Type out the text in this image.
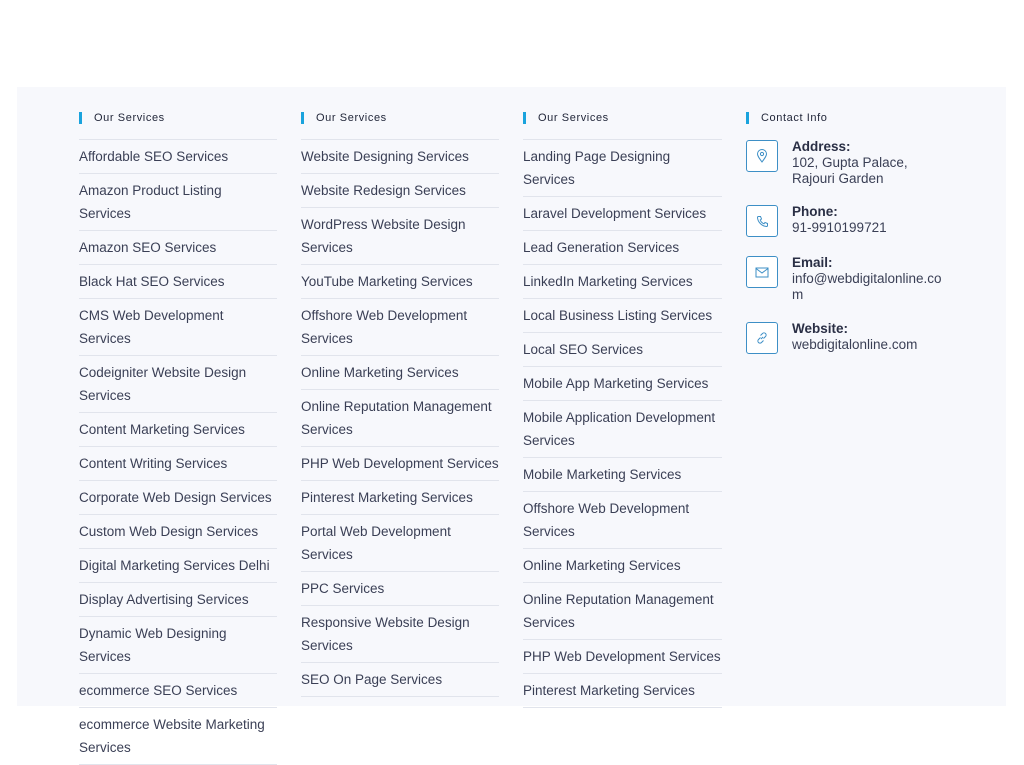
Our Services
Affordable SEO Services
Amazon Product Listing Services
Amazon SEO Services
Black Hat SEO Services
CMS Web Development Services
Codeigniter Website Design Services
Content Marketing Services
Content Writing Services
Corporate Web Design Services
Custom Web Design Services
Digital Marketing Services Delhi
Display Advertising Services
Dynamic Web Designing Services
ecommerce SEO Services
ecommerce Website Marketing Services
Our Services
Website Designing Services
Website Redesign Services
WordPress Website Design Services
YouTube Marketing Services
Offshore Web Development Services
Online Marketing Services
Online Reputation Management Services
PHP Web Development Services
Pinterest Marketing Services
Portal Web Development Services
PPC Services
Responsive Website Design Services
SEO On Page Services
Our Services
Landing Page Designing Services
Laravel Development Services
Lead Generation Services
LinkedIn Marketing Services
Local Business Listing Services
Local SEO Services
Mobile App Marketing Services
Mobile Application Development Services
Mobile Marketing Services
Offshore Web Development Services
Online Marketing Services
Online Reputation Management Services
PHP Web Development Services
Pinterest Marketing Services
Contact Info
Address:
102, Gupta Palace,
Rajouri Garden
Phone:
91-9910199721
Email:
info@webdigitalonline.com
Website:
webdigitalonline.com
